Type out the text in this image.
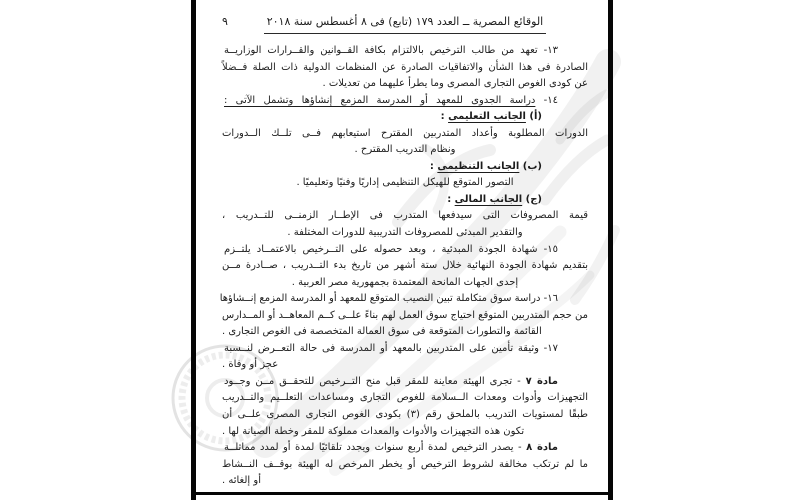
٩	الوقائع المصرية ــ العدد ١٧٩ (تابع) فى ٨ أغسطس سنة ٢٠١٨
١٣- تعهد من طالب الترخيص بالالتزام بكافة القــوانين والقــرارات الوزاريــة
الصادرة فى هذا الشأن والاتفاقيات الصادرة عن المنظمات الدولية ذات الصلة فــضلاً
عن كودى الغوص التجارى المصرى وما يطرأ عليهما من تعديلات .
١٤- دراسة الجدوى للمعهد أو المدرسة المزمع إنشاؤها وتشمل الآتى :
(أ) الجانب التعليمى :
الدورات المطلوبة وأعداد المتدربين المقترح استيعابهم فــى تلــك الــدورات
ونظام التدريب المقترح .
(ب) الجانب التنظيمى :
التصور المتوقع للهيكل التنظيمى إداريًا وفنيًا وتعليميًا .
(ج) الجانب المالى :
قيمة المصروفات التى سيدفعها المتدرب فى الإطــار الزمنــى للتــدريب ،
والتقدير المبدئى للمصروفات التدريبية للدورات المختلفة .
١٥- شهادة الجودة المبدئية ، وبعد حصوله على التــرخيص بالاعتمــاد يلتــزم
بتقديم شهادة الجودة النهائية خلال ستة أشهر من تاريخ بدء التــدريب ، صــادرة مــن
إحدى الجهات المانحة المعتمدة بجمهورية مصر العربية .
١٦- دراسة سوق متكاملة تبين النصيب المتوقع للمعهد أو المدرسة المزمع إنــشاؤها
من حجم المتدربين المتوقع احتياج سوق العمل لهم بناءً علــى كــم المعاهــد أو المــدارس
القائمة والتطورات المتوقعة فى سوق العمالة المتخصصة فى الغوص التجارى .
١٧- وثيقة تأمين على المتدربين بالمعهد أو المدرسة فى حالة التعــرض لنــسبة
عجز أو وفاة .
مادة ٧ - تجرى الهيئة معاينة للمقر قبل منح التــرخيص للتحقــق مــن وجــود
التجهيزات وأدوات ومعدات الــسلامة للغوص التجارى ومساعدات التعلــيم والتــدريب
طبقًا لمستويات التدريب بالملحق رقم (٣) بكودى الغوص التجارى المصرى علــى أن
تكون هذه التجهيزات والأدوات والمعدات مملوكة للمقر وخطة الصيانة لها .
مادة ٨ - يصدر الترخيص لمدة أربع سنوات ويجدد تلقائيًا لمدة أو لمدد مماثلــة
ما لم ترتكب مخالفة لشروط الترخيص أو يخطر المرخص له الهيئة بوقــف النــشاط
أو إلغائه .
